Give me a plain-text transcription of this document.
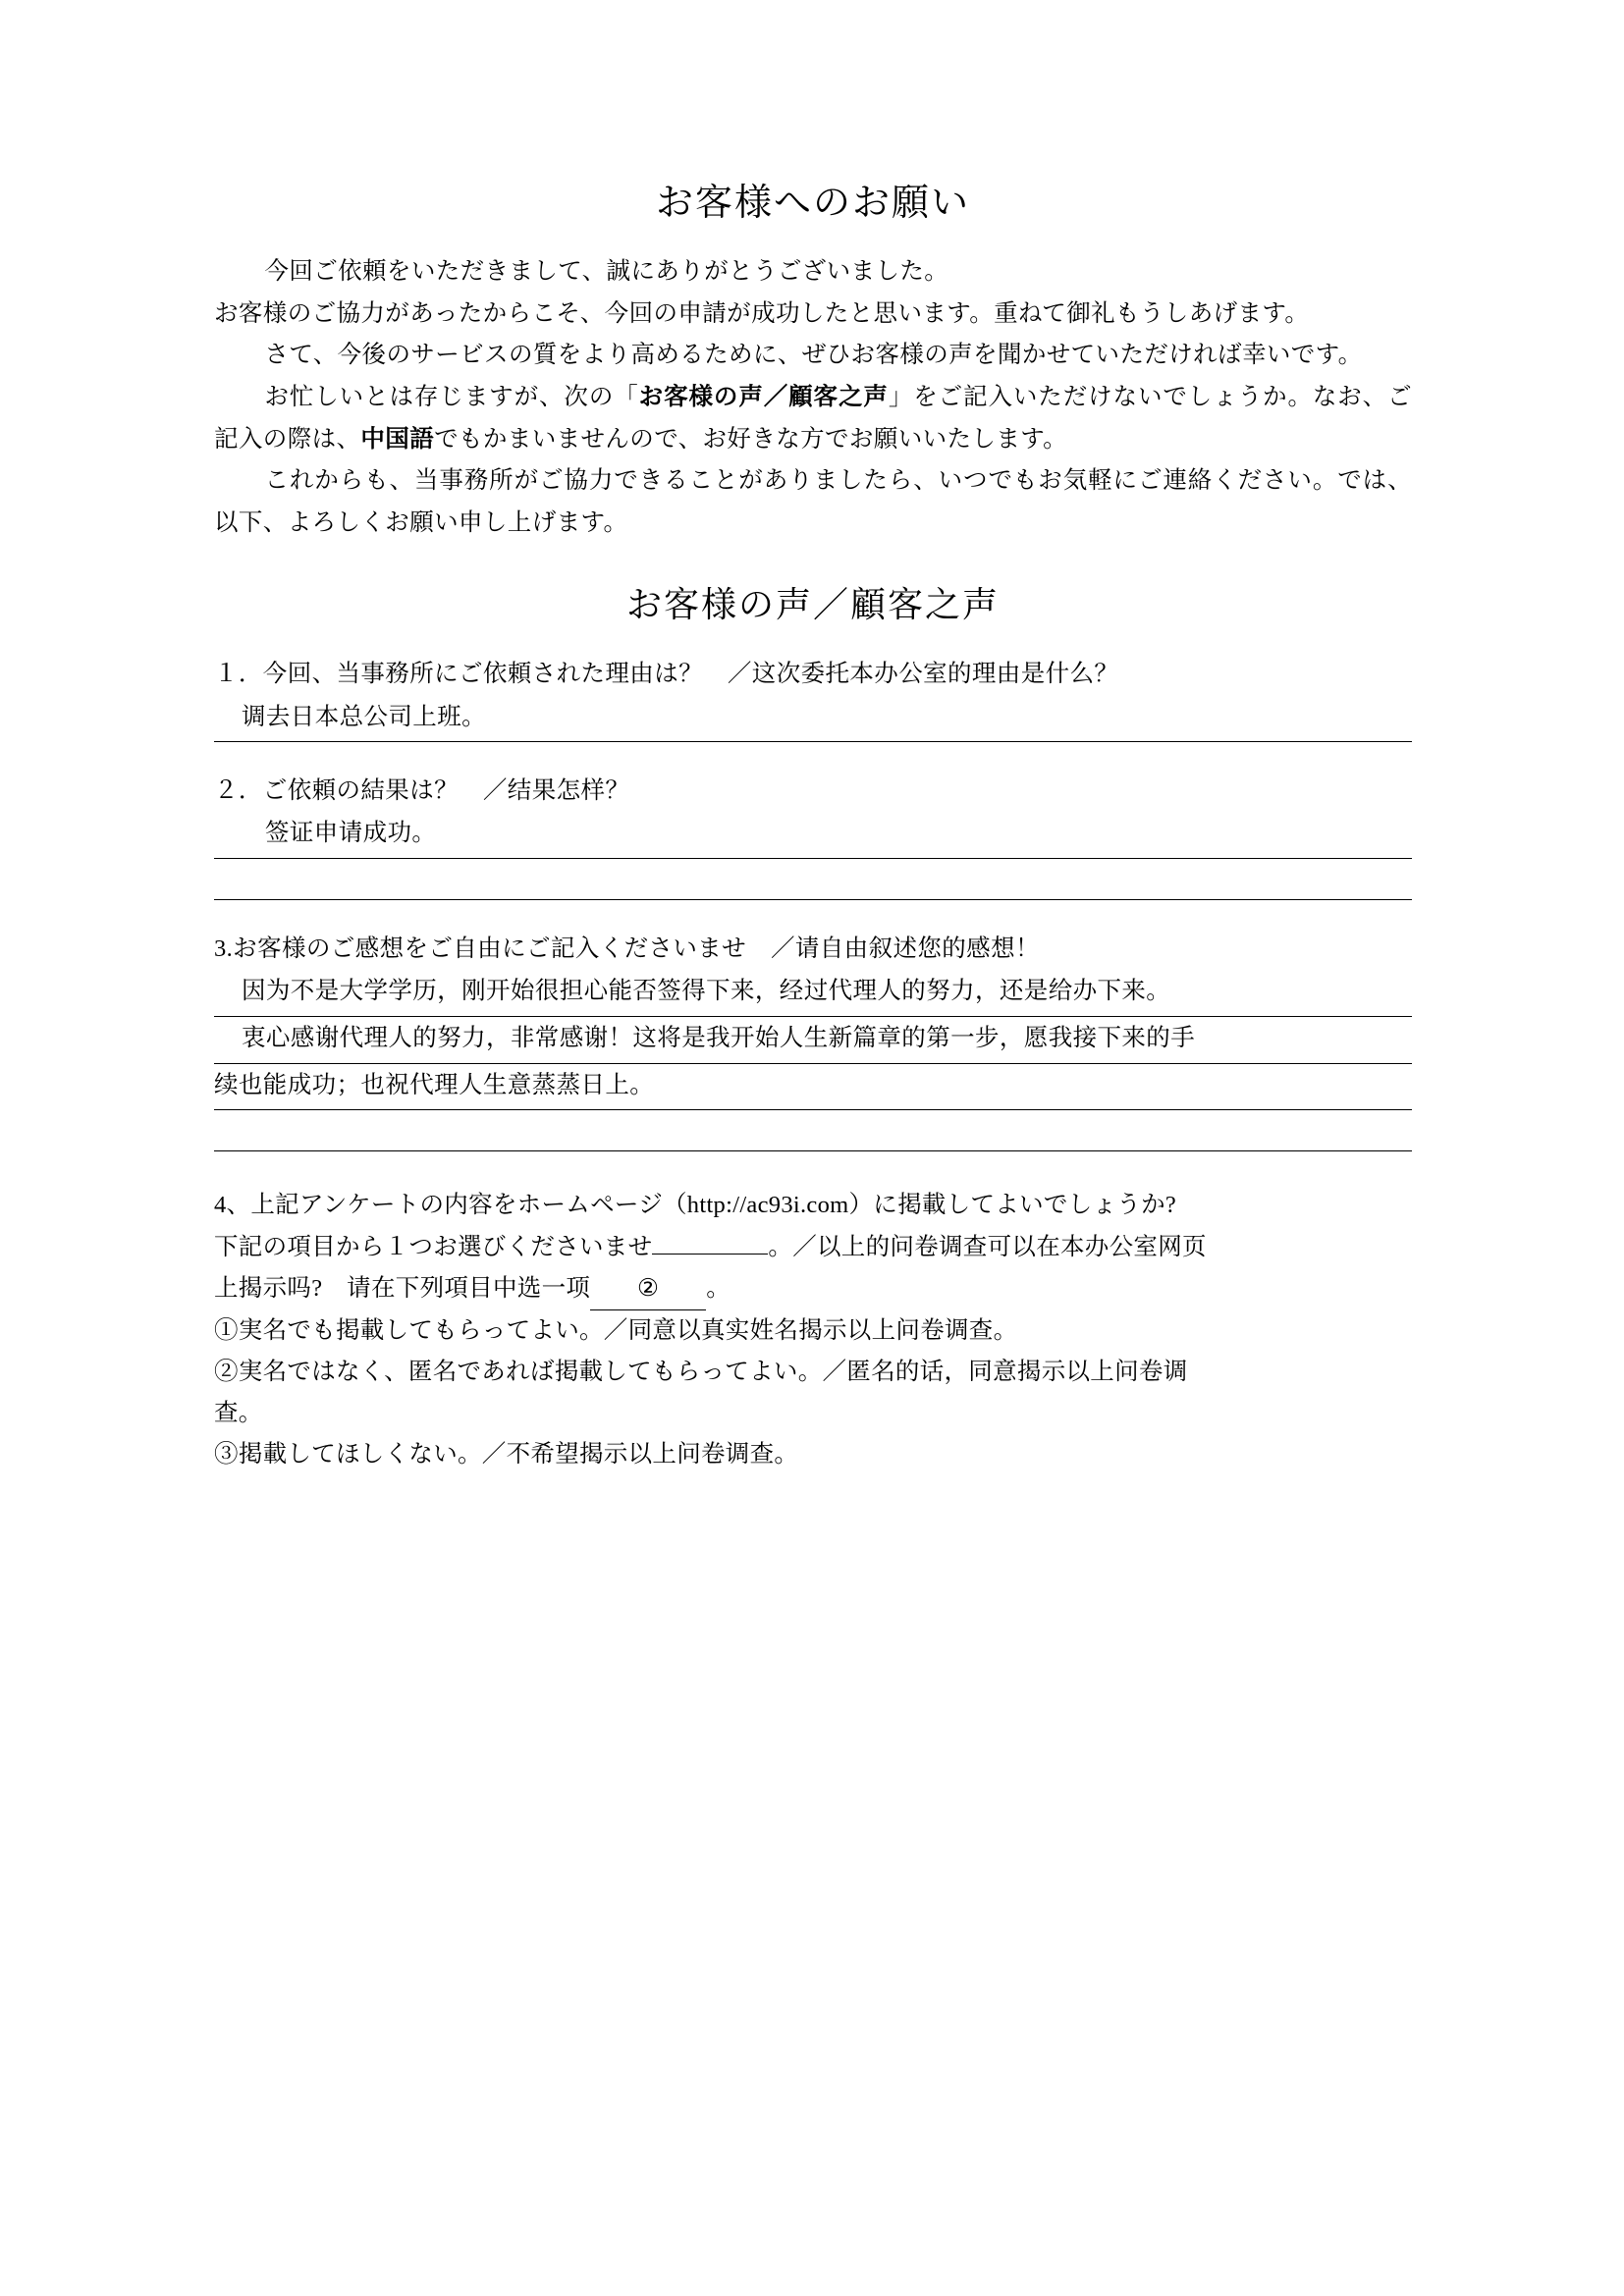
お客様へのお願い

今回ご依頼をいただきまして、誠にありがとうございました。

お客様のご協力があったからこそ、今回の申請が成功したと思います。重ねて御礼もうしあげます。

さて、今後のサービスの質をより高めるために、ぜひお客様の声を聞かせていただければ幸いです。

お忙しいとは存じますが、次の「お客様の声／顧客之声」をご記入いただけないでしょうか。なお、ご記入の際は、中国語でもかまいませんので、お好きな方でお願いいたします。

これからも、当事務所がご協力できることがありましたら、いつでもお気軽にご連絡ください。では、以下、よろしくお願い申し上げます。

お客様の声／顧客之声

１．今回、当事務所にご依頼された理由は？　／这次委托本办公室的理由是什么？

调去日本总公司上班。

２．ご依頼の結果は？　／结果怎样？

签证申请成功。

3.お客様のご感想をご自由にご記入くださいませ　／请自由叙述您的感想！

因为不是大学学历，刚开始很担心能否签得下来，经过代理人的努力，还是给办下来。
衷心感谢代理人的努力，非常感谢！这将是我开始人生新篇章的第一步，愿我接下来的手
续也能成功；也祝代理人生意蒸蒸日上。

4、上記アンケートの内容をホームページ（http://ac93i.com）に掲載してよいでしょうか?

下記の項目から１つお選びくださいませ	。／以上的问卷调查可以在本办公室网页

上揭示吗?　请在下列項目中选一项 ② 。

①実名でも掲載してもらってよい。／同意以真实姓名揭示以上问卷调查。

②実名ではなく、匿名であれば掲載してもらってよい。／匿名的话，同意揭示以上问卷调

查。

③掲載してほしくない。／不希望揭示以上问卷调查。
